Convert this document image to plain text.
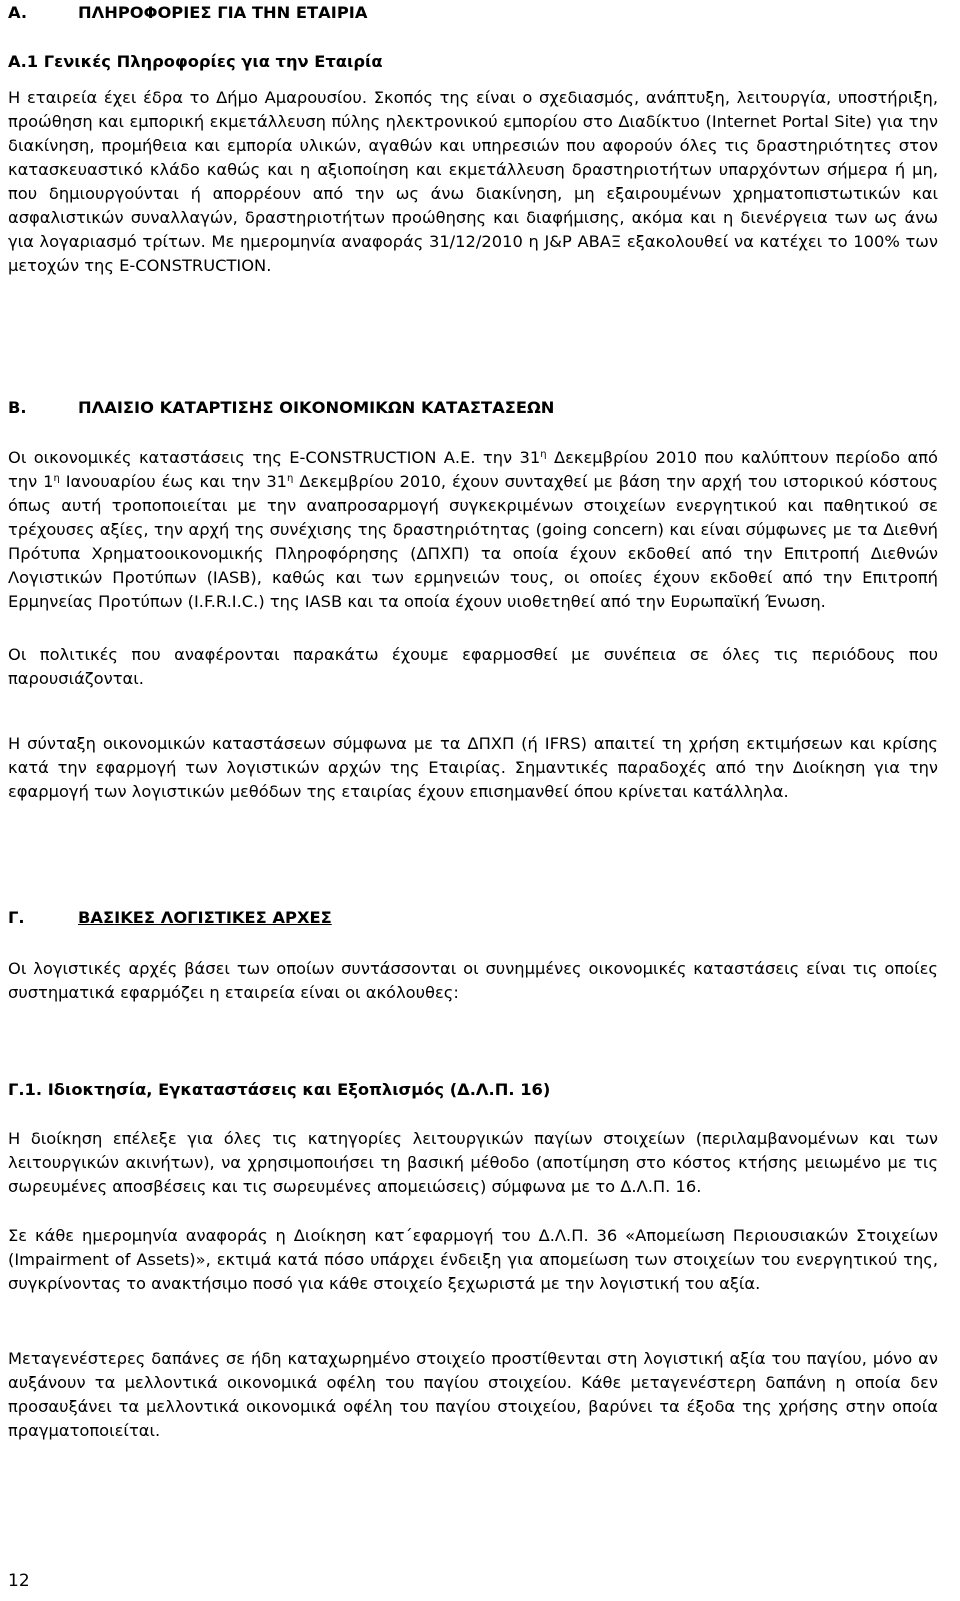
A.	ΠΛΗΡΟΦΟΡΙΕΣ ΓΙΑ ΤΗΝ ΕΤΑΙΡΙΑ
Α.1 Γενικές Πληροφορίες για την Εταιρία
Η εταιρεία έχει έδρα το Δήμο Αμαρουσίου. Σκοπός της είναι ο σχεδιασμός, ανάπτυξη, λειτουργία, υποστήριξη, προώθηση και εμπορική εκμετάλλευση πύλης ηλεκτρονικού εμπορίου στο Διαδίκτυο (Internet Portal Site) για την διακίνηση, προμήθεια και εμπορία υλικών, αγαθών και υπηρεσιών που αφορούν όλες τις δραστηριότητες στον κατασκευαστικό κλάδο καθώς και η αξιοποίηση και εκμετάλλευση δραστηριοτήτων υπαρχόντων σήμερα ή μη, που δημιουργούνται ή απορρέουν από την ως άνω διακίνηση, μη εξαιρουμένων χρηματοπιστωτικών και ασφαλιστικών συναλλαγών, δραστηριοτήτων προώθησης και διαφήμισης, ακόμα και η διενέργεια των ως άνω για λογαριασμό τρίτων. Με ημερομηνία αναφοράς 31/12/2010 η J&P ΑΒΑΞ εξακολουθεί να κατέχει το 100% των μετοχών της E-CONSTRUCTION.
B.	ΠΛΑΙΣΙΟ ΚΑΤΑΡΤΙΣΗΣ ΟΙΚΟΝΟΜΙΚΩΝ ΚΑΤΑΣΤΑΣΕΩΝ
Οι οικονομικές καταστάσεις της E-CONSTRUCTION Α.Ε. την $31^\eta$ Δεκεμβρίου 2010 που καλύπτουν περίοδο από την $1^\eta$ Ιανουαρίου έως και την $31^\eta$ Δεκεμβρίου 2010, έχουν συνταχθεί με βάση την αρχή του ιστορικού κόστους όπως αυτή τροποποιείται με την αναπροσαρμογή συγκεκριμένων στοιχείων ενεργητικού και παθητικού σε τρέχουσες αξίες, την αρχή της συνέχισης της δραστηριότητας (going concern) και είναι σύμφωνες με τα Διεθνή Πρότυπα Χρηματοοικονομικής Πληροφόρησης (ΔΠΧΠ) τα οποία έχουν εκδοθεί από την Επιτροπή Διεθνών Λογιστικών Προτύπων (IASB), καθώς και των ερμηνειών τους, οι οποίες έχουν εκδοθεί από την Επιτροπή Ερμηνείας Προτύπων (I.F.R.I.C.) της IASB και τα οποία έχουν υιοθετηθεί από την Ευρωπαϊκή Ένωση.
Οι πολιτικές που αναφέρονται παρακάτω έχουμε εφαρμοσθεί με συνέπεια σε όλες τις περιόδους που παρουσιάζονται.
Η σύνταξη οικονομικών καταστάσεων σύμφωνα με τα ΔΠΧΠ (ή IFRS) απαιτεί τη χρήση εκτιμήσεων και κρίσης κατά την εφαρμογή των λογιστικών αρχών της Εταιρίας. Σημαντικές παραδοχές από την Διοίκηση για την εφαρμογή των λογιστικών μεθόδων της εταιρίας έχουν επισημανθεί όπου κρίνεται κατάλληλα.
Γ.	ΒΑΣΙΚΕΣ ΛΟΓΙΣΤΙΚΕΣ ΑΡΧΕΣ
Οι λογιστικές αρχές βάσει των οποίων συντάσσονται οι συνημμένες οικονομικές καταστάσεις είναι τις οποίες συστηματικά εφαρμόζει η εταιρεία είναι οι ακόλουθες:
Γ.1. Ιδιοκτησία, Εγκαταστάσεις και Εξοπλισμός (Δ.Λ.Π. 16)
Η διοίκηση επέλεξε για όλες τις κατηγορίες λειτουργικών παγίων στοιχείων (περιλαμβανομένων και των λειτουργικών ακινήτων), να χρησιμοποιήσει τη βασική μέθοδο (αποτίμηση στο κόστος κτήσης μειωμένο με τις σωρευμένες αποσβέσεις και τις σωρευμένες απομειώσεις) σύμφωνα με το Δ.Λ.Π. 16.
Σε κάθε ημερομηνία αναφοράς η Διοίκηση κατ΄εφαρμογή του Δ.Λ.Π. 36 «Απομείωση Περιουσιακών Στοιχείων (Impairment of Assets)», εκτιμά κατά πόσο υπάρχει ένδειξη για απομείωση των στοιχείων του ενεργητικού της, συγκρίνοντας το ανακτήσιμο ποσό για κάθε στοιχείο ξεχωριστά με την λογιστική του αξία.
Μεταγενέστερες δαπάνες σε ήδη καταχωρημένο στοιχείο προστίθενται στη λογιστική αξία του παγίου, μόνο αν αυξάνουν τα μελλοντικά οικονομικά οφέλη του παγίου στοιχείου. Κάθε μεταγενέστερη δαπάνη η οποία δεν προσαυξάνει τα μελλοντικά οικονομικά οφέλη του παγίου στοιχείου, βαρύνει τα έξοδα της χρήσης στην οποία πραγματοποιείται.
12
